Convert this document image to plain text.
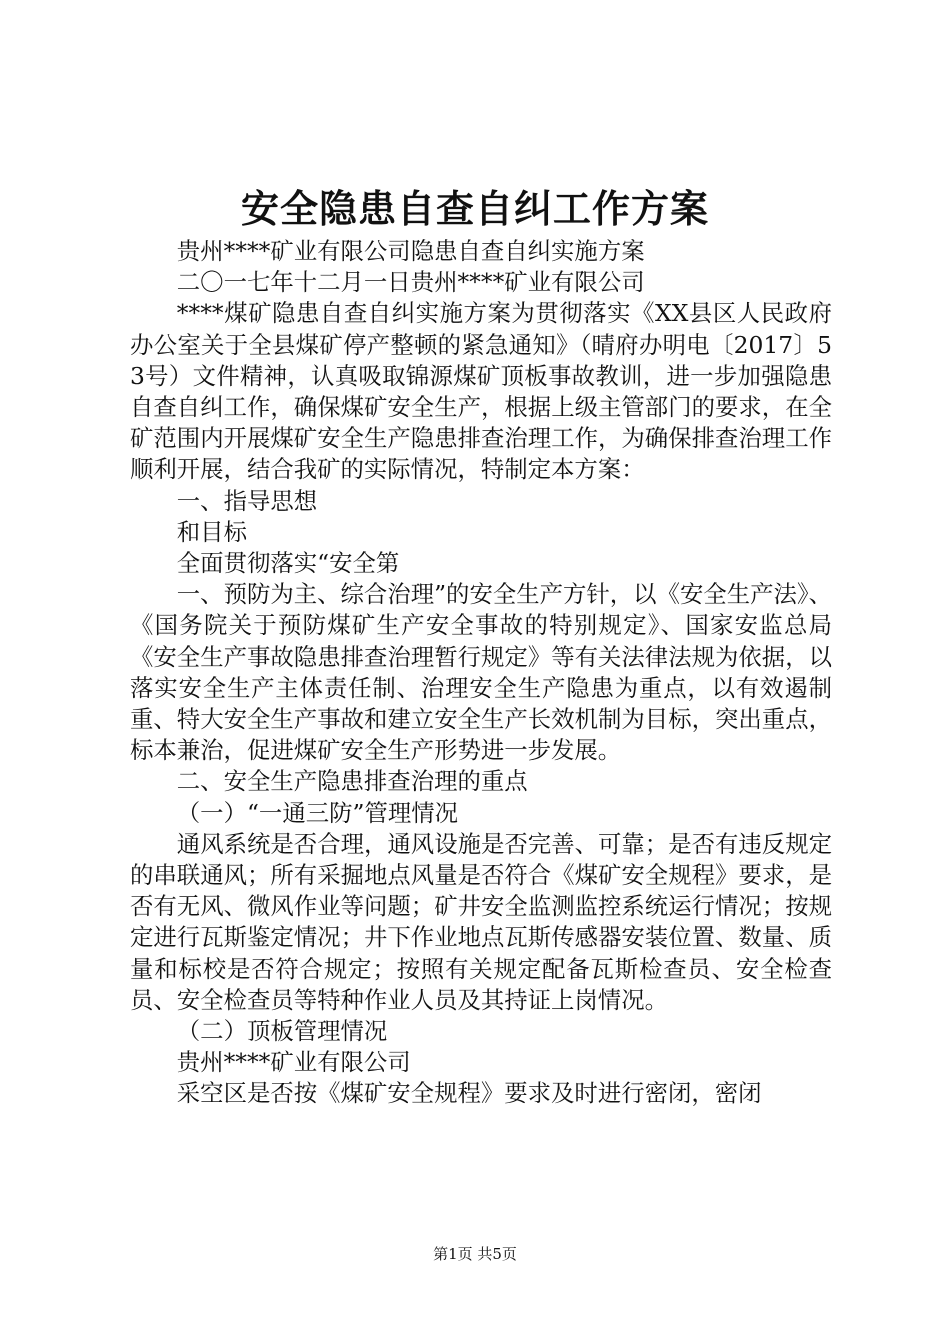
安全隐患自查自纠工作方案

贵州****矿业有限公司隐患自查自纠实施方案

二〇一七年十二月一日贵州****矿业有限公司

****煤矿隐患自查自纠实施方案为贯彻落实《XX县区人民政府办公室关于全县煤矿停产整顿的紧急通知》（晴府办明电〔2017〕53号）文件精神，认真吸取锦源煤矿顶板事故教训，进一步加强隐患自查自纠工作，确保煤矿安全生产，根据上级主管部门的要求，在全矿范围内开展煤矿安全生产隐患排查治理工作，为确保排查治理工作顺利开展，结合我矿的实际情况，特制定本方案：

一、指导思想

和目标

全面贯彻落实“安全第

一、预防为主、综合治理”的安全生产方针，以《安全生产法》、《国务院关于预防煤矿生产安全事故的特别规定》、国家安监总局《安全生产事故隐患排查治理暂行规定》等有关法律法规为依据，以落实安全生产主体责任制、治理安全生产隐患为重点，以有效遏制重、特大安全生产事故和建立安全生产长效机制为目标，突出重点，标本兼治，促进煤矿安全生产形势进一步发展。

二、安全生产隐患排查治理的重点

（一）“一通三防”管理情况

通风系统是否合理，通风设施是否完善、可靠；是否有违反规定的串联通风；所有采掘地点风量是否符合《煤矿安全规程》要求，是否有无风、微风作业等问题；矿井安全监测监控系统运行情况；按规定进行瓦斯鉴定情况；井下作业地点瓦斯传感器安装位置、数量、质量和标校是否符合规定；按照有关规定配备瓦斯检查员、安全检查员、安全检查员等特种作业人员及其持证上岗情况。

（二）顶板管理情况

贵州****矿业有限公司

采空区是否按《煤矿安全规程》要求及时进行密闭，密闭

第1页 共5页
